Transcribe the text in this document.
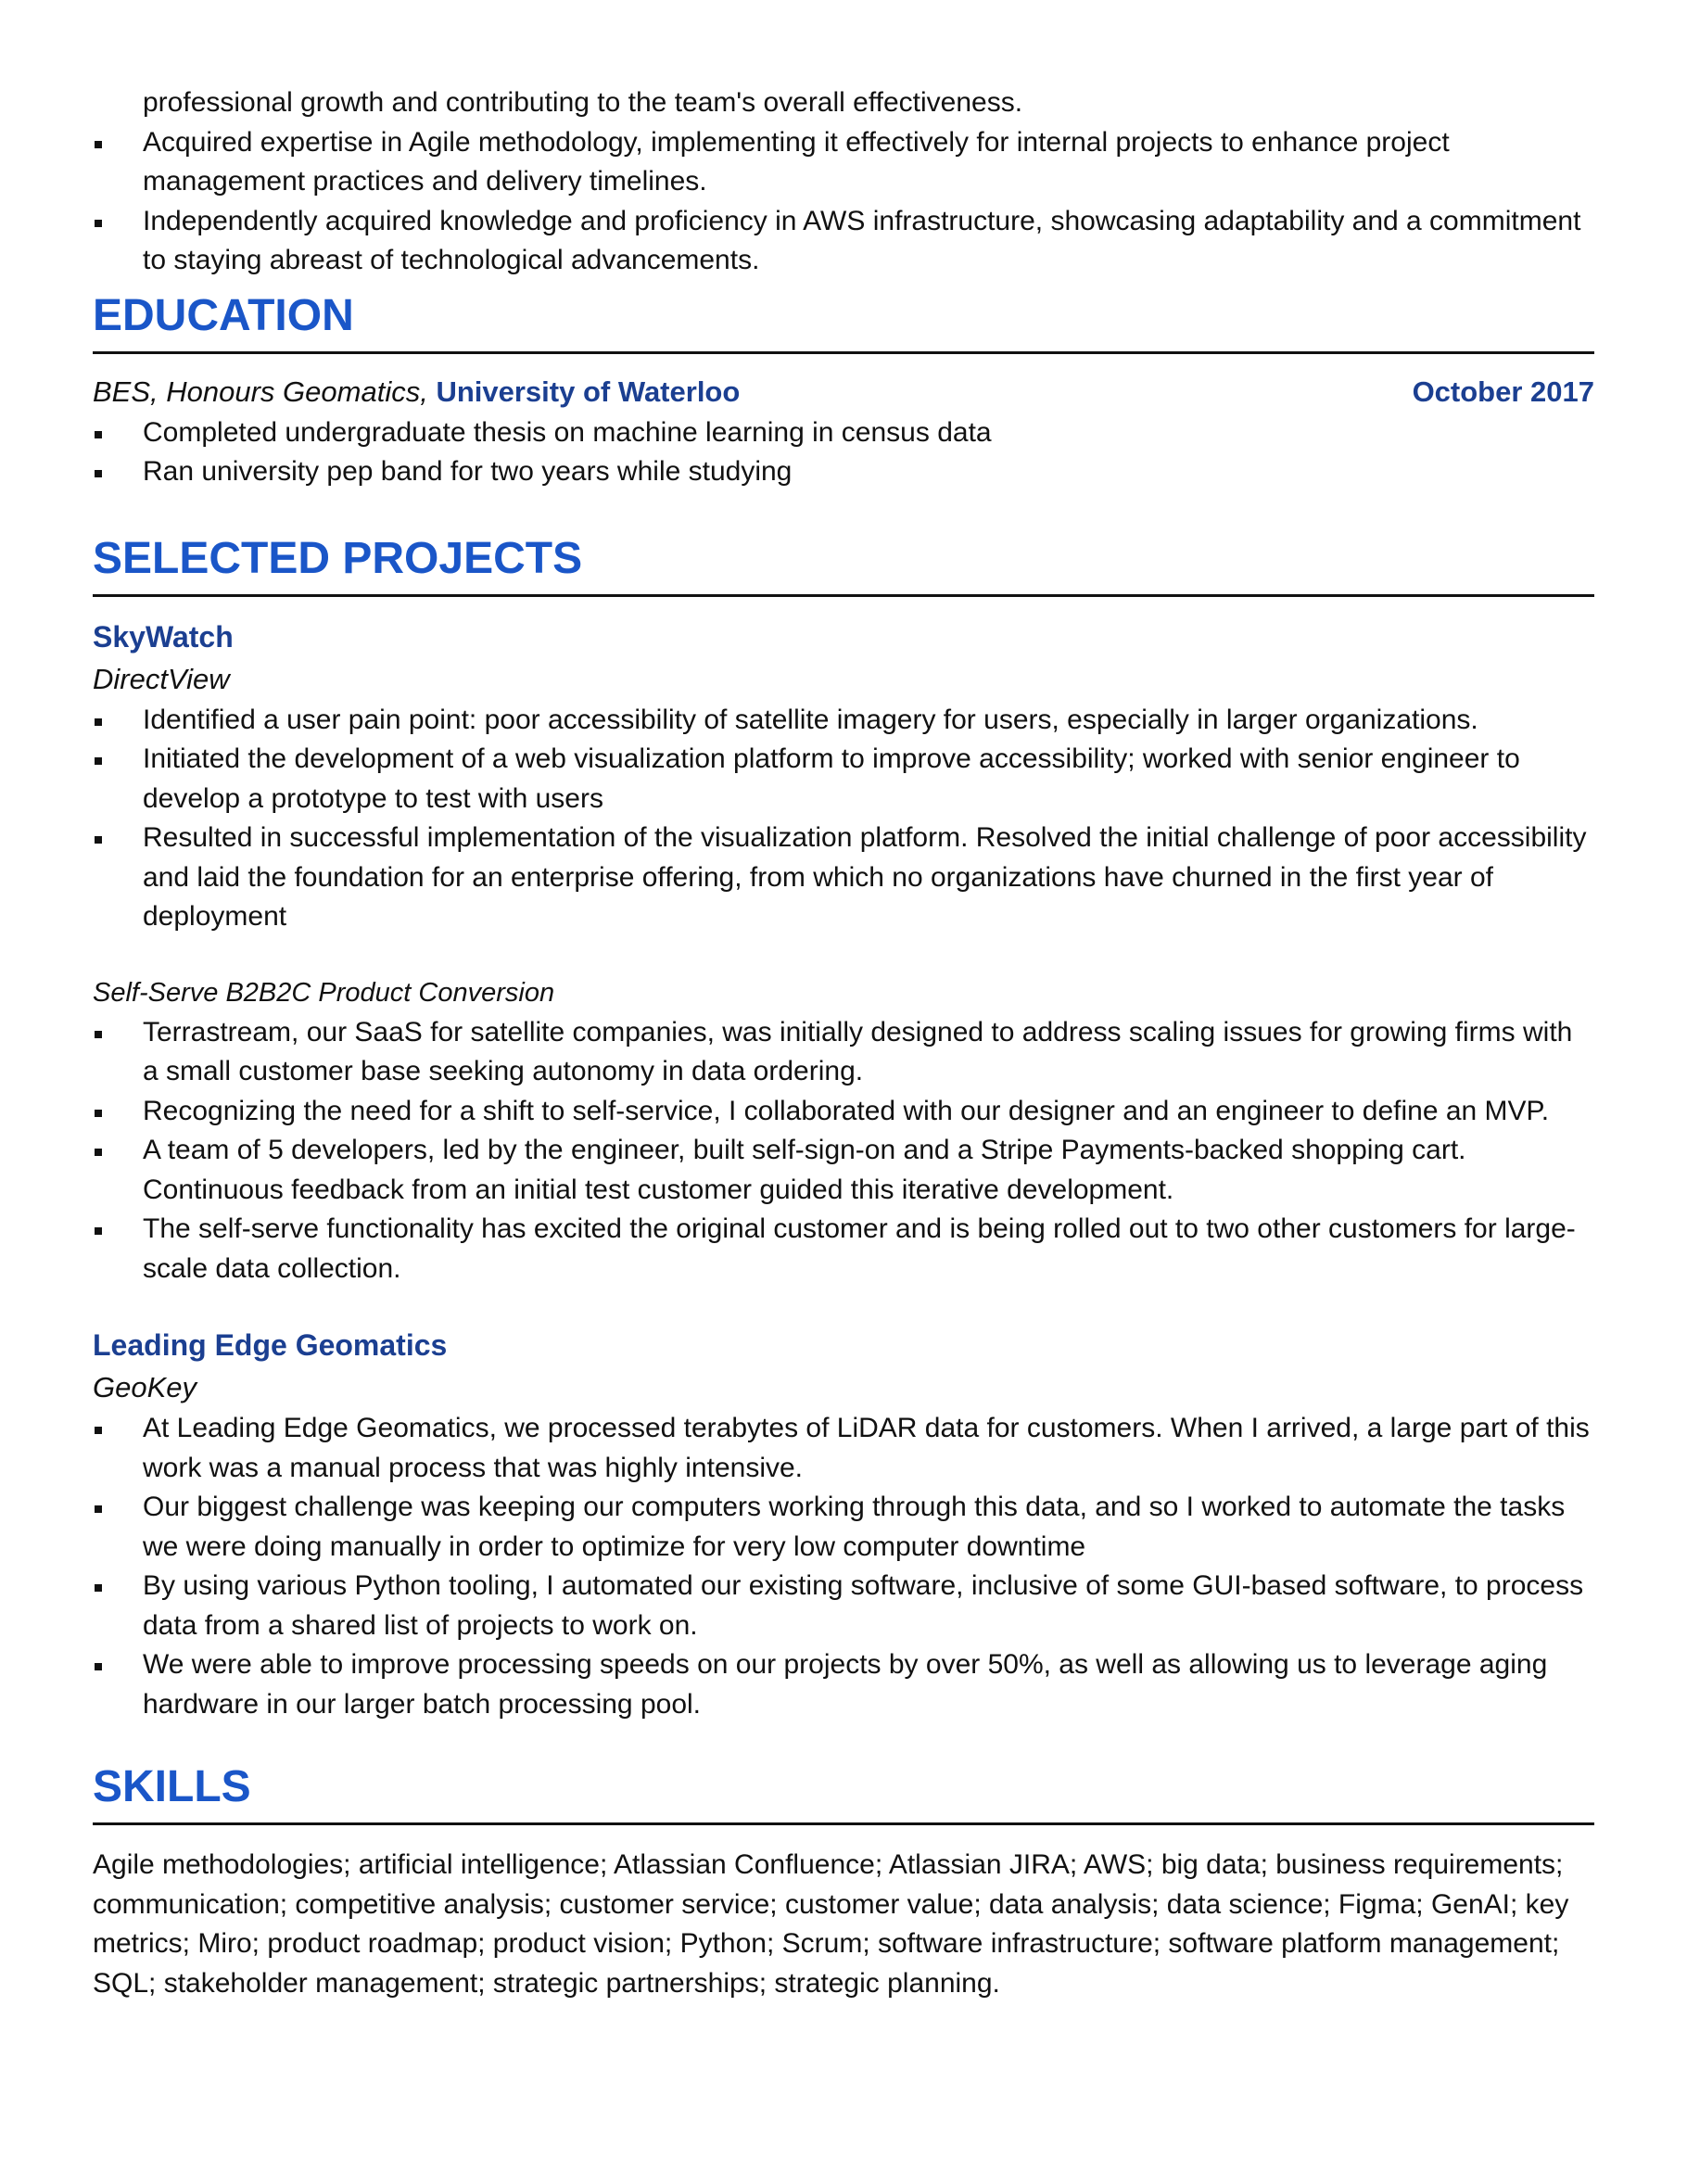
professional growth and contributing to the team's overall effectiveness.

Acquired expertise in Agile methodology, implementing it effectively for internal projects to enhance project management practices and delivery timelines.
Independently acquired knowledge and proficiency in AWS infrastructure, showcasing adaptability and a commitment to staying abreast of technological advancements.
EDUCATION
BES, Honours Geomatics, University of Waterloo	October 2017
Completed undergraduate thesis on machine learning in census data
Ran university pep band for two years while studying
SELECTED PROJECTS
SkyWatch
DirectView
Identified a user pain point: poor accessibility of satellite imagery for users, especially in larger organizations.
Initiated the development of a web visualization platform to improve accessibility; worked with senior engineer to develop a prototype to test with users
Resulted in successful implementation of the visualization platform. Resolved the initial challenge of poor accessibility and laid the foundation for an enterprise offering, from which no organizations have churned in the first year of deployment
Self-Serve B2B2C Product Conversion
Terrastream, our SaaS for satellite companies, was initially designed to address scaling issues for growing firms with a small customer base seeking autonomy in data ordering.
Recognizing the need for a shift to self-service, I collaborated with our designer and an engineer to define an MVP.
A team of 5 developers, led by the engineer, built self-sign-on and a Stripe Payments-backed shopping cart. Continuous feedback from an initial test customer guided this iterative development.
The self-serve functionality has excited the original customer and is being rolled out to two other customers for large-scale data collection.
Leading Edge Geomatics
GeoKey
At Leading Edge Geomatics, we processed terabytes of LiDAR data for customers. When I arrived, a large part of this work was a manual process that was highly intensive.
Our biggest challenge was keeping our computers working through this data, and so I worked to automate the tasks we were doing manually in order to optimize for very low computer downtime
By using various Python tooling, I automated our existing software, inclusive of some GUI-based software, to process data from a shared list of projects to work on.
We were able to improve processing speeds on our projects by over 50%, as well as allowing us to leverage aging hardware in our larger batch processing pool.
SKILLS

Agile methodologies; artificial intelligence; Atlassian Confluence; Atlassian JIRA; AWS; big data; business requirements; communication; competitive analysis; customer service; customer value; data analysis; data science; Figma; GenAI; key metrics; Miro; product roadmap; product vision; Python; Scrum; software infrastructure; software platform management; SQL; stakeholder management; strategic partnerships; strategic planning.
